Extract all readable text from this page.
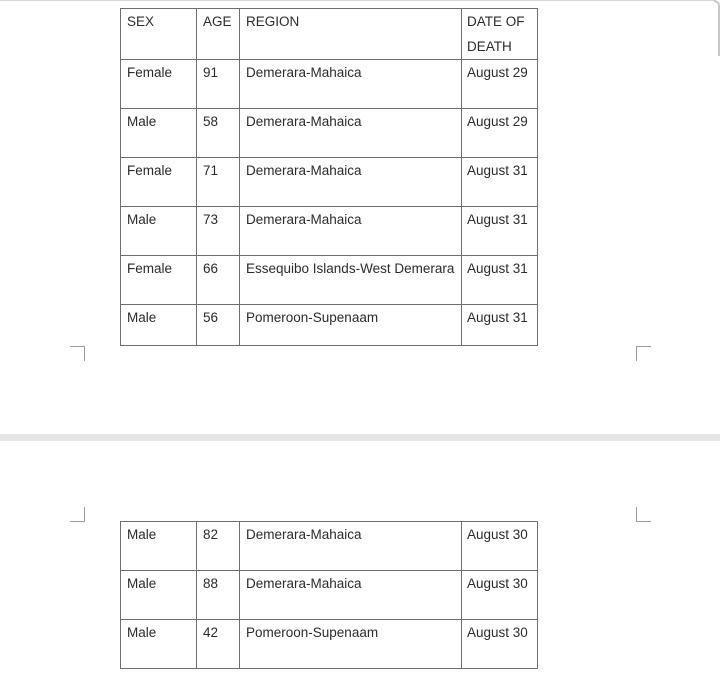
SEX	AGE	REGION	DATE OF DEATH
Female	91	Demerara-Mahaica	August 29
Male	58	Demerara-Mahaica	August 29
Female	71	Demerara-Mahaica	August 31
Male	73	Demerara-Mahaica	August 31
Female	66	Essequibo Islands-West Demerara	August 31
Male	56	Pomeroon-Supenaam	August 31
Male	82	Demerara-Mahaica	August 30
Male	88	Demerara-Mahaica	August 30
Male	42	Pomeroon-Supenaam	August 30
